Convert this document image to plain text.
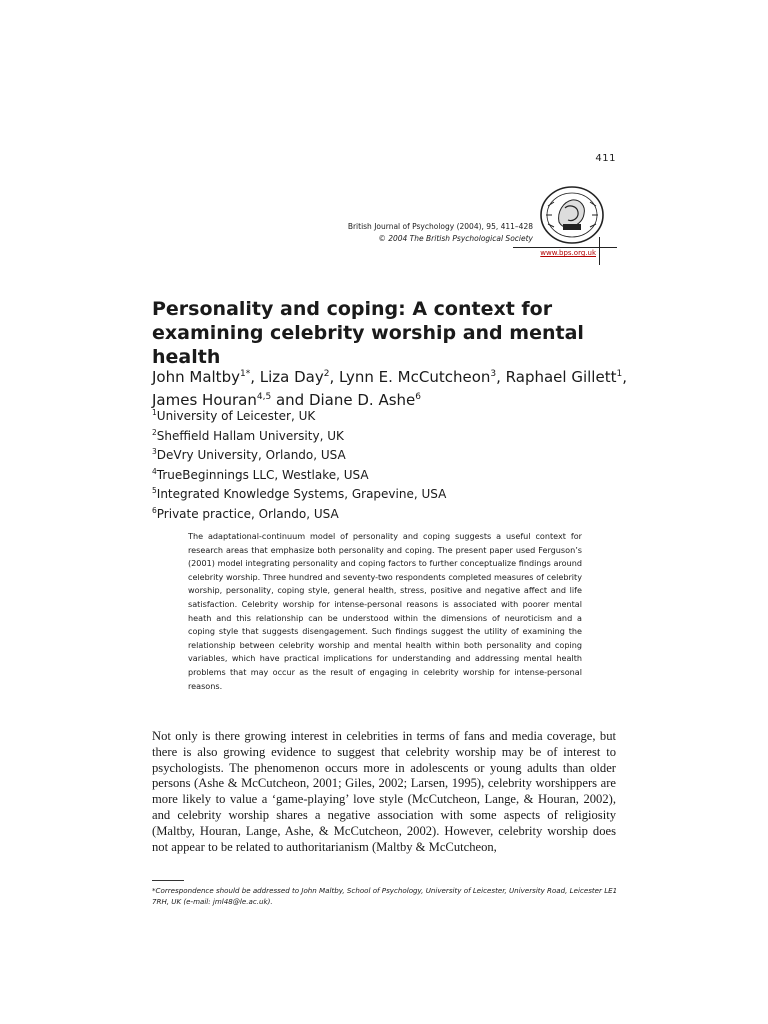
411
British Journal of Psychology (2004), 95, 411–428
© 2004 The British Psychological Society
www.bps.org.uk
Personality and coping: A context for examining celebrity worship and mental health
John Maltby$^{1*}$, Liza Day$^2$, Lynn E. McCutcheon$^3$, Raphael Gillett$^1$,
James Houran$^{4,5}$ and Diane D. Ashe$^6$
$^1$University of Leicester, UK
$^2$Sheffield Hallam University, UK
$^3$DeVry University, Orlando, USA
$^4$TrueBeginnings LLC, Westlake, USA
$^5$Integrated Knowledge Systems, Grapevine, USA
$^6$Private practice, Orlando, USA

The adaptational-continuum model of personality and coping suggests a useful context for research areas that emphasize both personality and coping. The present paper used Ferguson’s (2001) model integrating personality and coping factors to further conceptualize findings around celebrity worship. Three hundred and seventy-two respondents completed measures of celebrity worship, personality, coping style, general health, stress, positive and negative affect and life satisfaction. Celebrity worship for intense-personal reasons is associated with poorer mental heath and this relationship can be understood within the dimensions of neuroticism and a coping style that suggests disengagement. Such findings suggest the utility of examining the relationship between celebrity worship and mental health within both personality and coping variables, which have practical implications for understanding and addressing mental health problems that may occur as the result of engaging in celebrity worship for intense-personal reasons.

Not only is there growing interest in celebrities in terms of fans and media coverage, but there is also growing evidence to suggest that celebrity worship may be of interest to psychologists. The phenomenon occurs more in adolescents or young adults than older persons (Ashe & McCutcheon, 2001; Giles, 2002; Larsen, 1995), celebrity worshippers are more likely to value a ‘game-playing’ love style (McCutcheon, Lange, & Houran, 2002), and celebrity worship shares a negative association with some aspects of religiosity (Maltby, Houran, Lange, Ashe, & McCutcheon, 2002). However, celebrity worship does not appear to be related to authoritarianism (Maltby & McCutcheon,

*Correspondence should be addressed to John Maltby, School of Psychology, University of Leicester, University Road, Leicester LE1 7RH, UK (e-mail: jml48@le.ac.uk).
